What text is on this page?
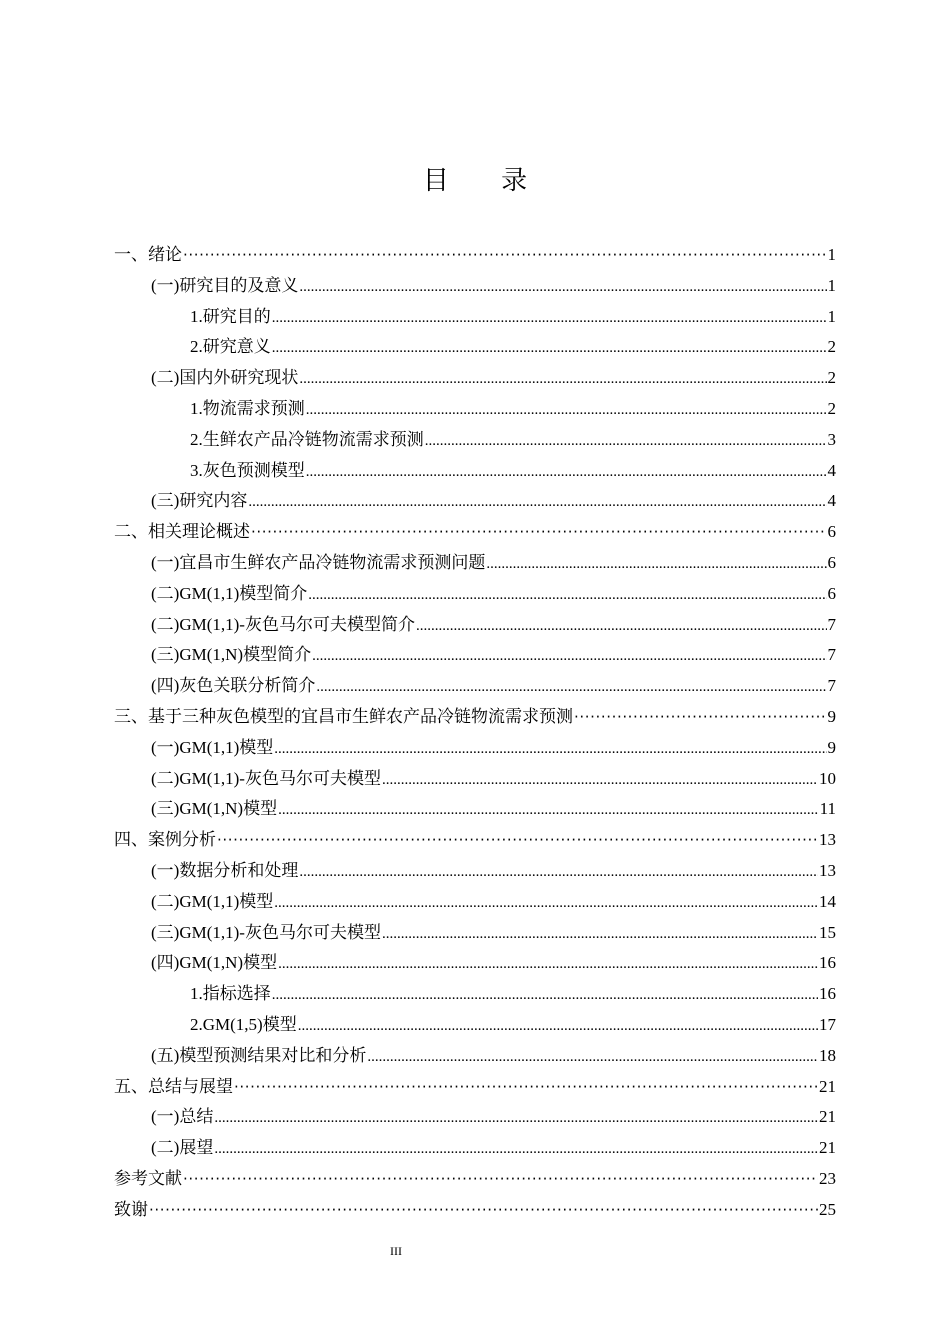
目 录
一、绪论 ·····	1
(一)研究目的及意义 .....	1
1.研究目的 .....	1
2.研究意义 .....	2
(二)国内外研究现状 .....	2
1.物流需求预测 .....	2
2.生鲜农产品冷链物流需求预测 .....	3
3.灰色预测模型 .....	4
(三)研究内容 .....	4
二、相关理论概述 ·····	6
(一)宜昌市生鲜农产品冷链物流需求预测问题 .....	6
(二)GM(1,1)模型简介 .....	6
(二)GM(1,1)-灰色马尔可夫模型简介 .....	7
(三)GM(1,N)模型简介 .....	7
(四)灰色关联分析简介 .....	7
三、基于三种灰色模型的宜昌市生鲜农产品冷链物流需求预测 ·····	9
(一)GM(1,1)模型 .....	9
(二)GM(1,1)-灰色马尔可夫模型 .....	10
(三)GM(1,N)模型 .....	11
四、案例分析 ·····	13
(一)数据分析和处理 .....	13
(二)GM(1,1)模型 .....	14
(三)GM(1,1)-灰色马尔可夫模型 .....	15
(四)GM(1,N)模型 .....	16
1.指标选择 .....	16
2.GM(1,5)模型 .....	17
(五)模型预测结果对比和分析 .....	18
五、总结与展望 ·····	21
(一)总结 .....	21
(二)展望 .....	21
参考文献 ·····	23
致谢 ·····	25
III
